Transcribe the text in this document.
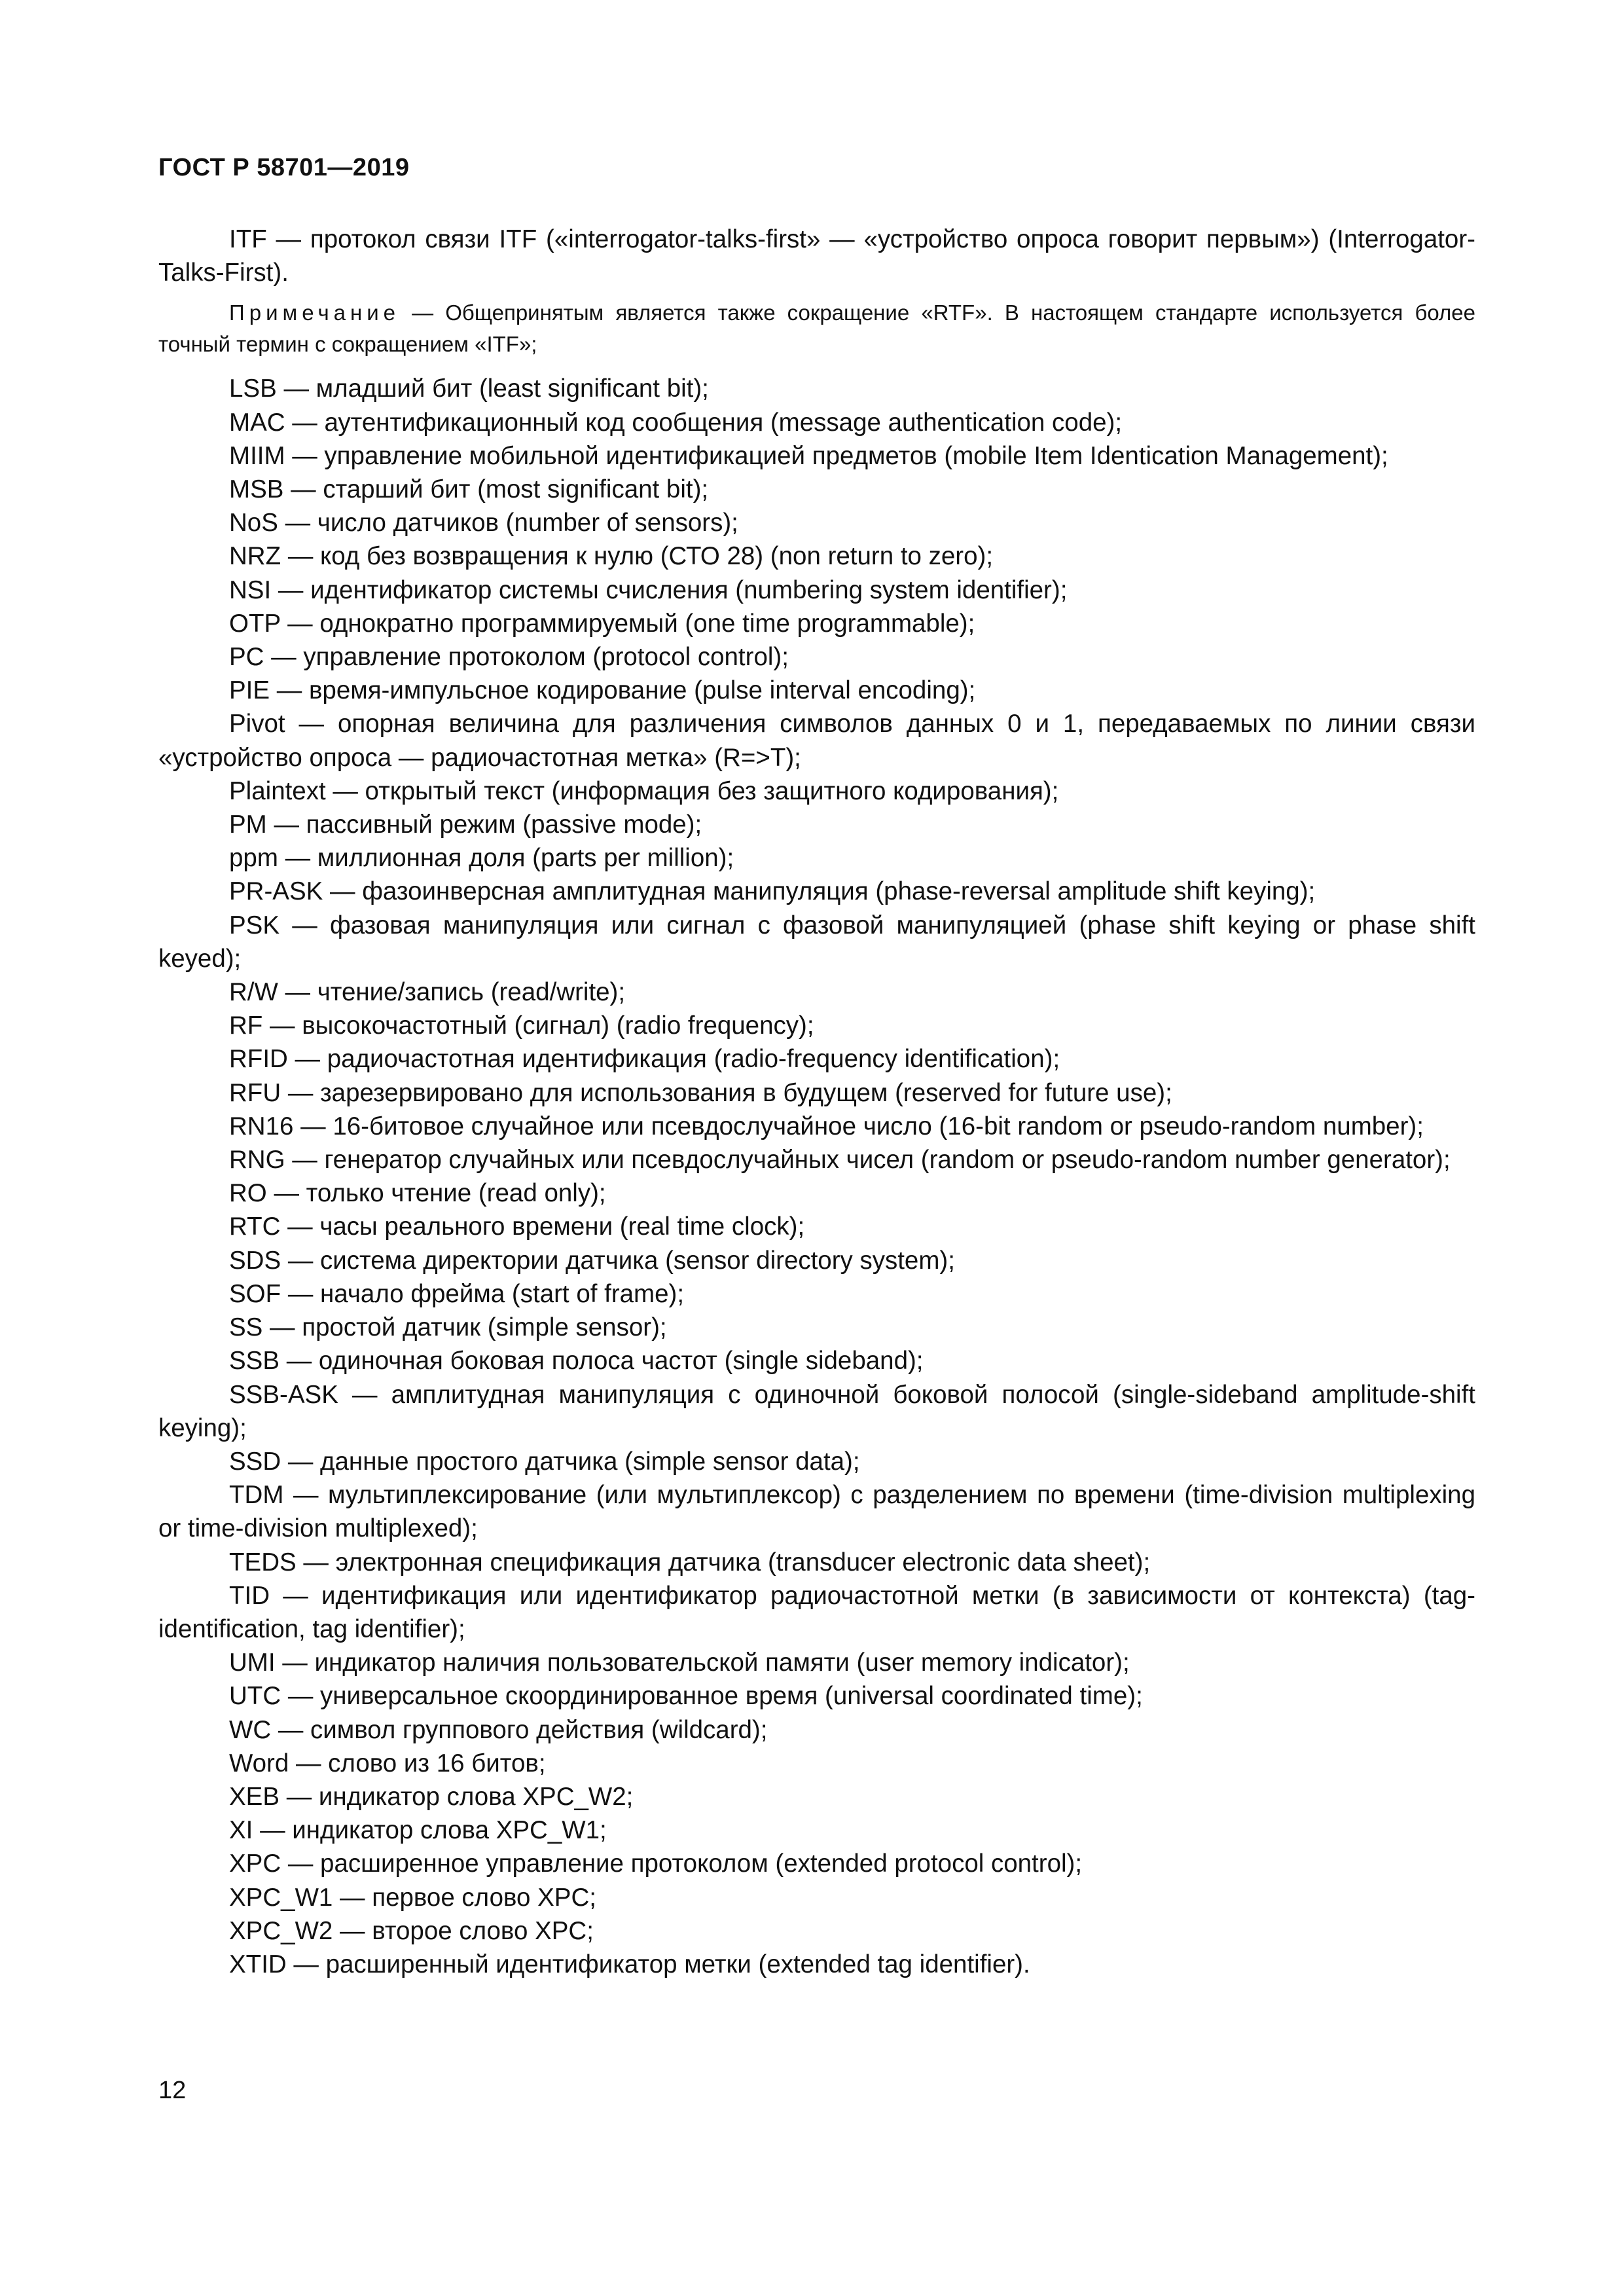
ГОСТ Р 58701—2019

ITF — протокол связи ITF («interrogator-talks-first» — «устройство опроса говорит первым») (Interrogator-Talks-First).

Примечание — Общепринятым является также сокращение «RTF». В настоящем стандарте используется более точный термин с сокращением «ITF»;

LSB — младший бит (least significant bit);

MAC — аутентификационный код сообщения (message authentication code);

MIIM — управление мобильной идентификацией предметов (mobile Item Identication Management);

MSB — старший бит (most significant bit);

NoS — число датчиков (number of sensors);

NRZ — код без возвращения к нулю (СТО 28) (non return to zero);

NSI — идентификатор системы счисления (numbering system identifier);

OTP — однократно программируемый (one time programmable);

PC — управление протоколом (protocol control);

PIE — время-импульсное кодирование (pulse interval encoding);

Pivot — опорная величина для различения символов данных 0 и 1, передаваемых по линии связи «устройство опроса — радиочастотная метка» (R=>T);

Plaintext — открытый текст (информация без защитного кодирования);

PM — пассивный режим (passive mode);

ppm — миллионная доля (parts per million);

PR-ASK — фазоинверсная амплитудная манипуляция (phase-reversal amplitude shift keying);

PSK — фазовая манипуляция или сигнал с фазовой манипуляцией (phase shift keying or phase shift keyed);

R/W — чтение/запись (read/write);

RF — высокочастотный (сигнал) (radio frequency);

RFID — радиочастотная идентификация (radio-frequency identification);

RFU — зарезервировано для использования в будущем (reserved for future use);

RN16 — 16-битовое случайное или псевдослучайное число (16-bit random or pseudo-random number);

RNG — генератор случайных или псевдослучайных чисел (random or pseudo-random number generator);

RO — только чтение (read only);

RTC — часы реального времени (real time clock);

SDS — система директории датчика (sensor directory system);

SOF — начало фрейма (start of frame);

SS — простой датчик (simple sensor);

SSB — одиночная боковая полоса частот (single sideband);

SSB-ASK — амплитудная манипуляция с одиночной боковой полосой (single-sideband amplitude-shift keying);

SSD — данные простого датчика (simple sensor data);

TDM — мультиплексирование (или мультиплексор) с разделением по времени (time-division multiplexing or time-division multiplexed);

TEDS — электронная спецификация датчика (transducer electronic data sheet);

TID — идентификация или идентификатор радиочастотной метки (в зависимости от контекста) (tag-identification, tag identifier);

UMI — индикатор наличия пользовательской памяти (user memory indicator);

UTC — универсальное скоординированное время (universal coordinated time);

WC — символ группового действия (wildcard);

Word — слово из 16 битов;

XEB — индикатор слова XPC_W2;

XI — индикатор слова XPC_W1;

XPC — расширенное управление протоколом (extended protocol control);

XPC_W1 — первое слово XPC;

XPC_W2 — второе слово XPC;

XTID — расширенный идентификатор метки (extended tag identifier).

12
